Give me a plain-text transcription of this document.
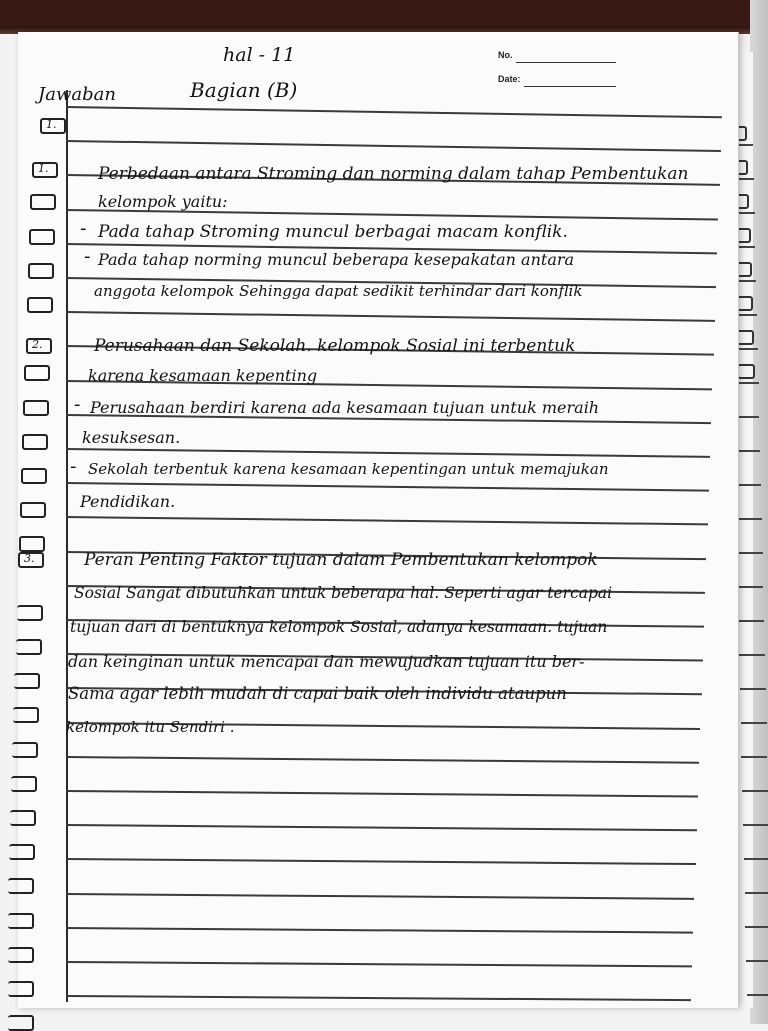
hal - 11	No.
Date:
Jawaban	Bagian (B)
1.
1.
2.
3.
Perbedaan antara Stroming dan norming dalam tahap Pembentukan
kelompok yaitu:
- Pada tahap Stroming muncul berbagai macam konflik.
- Pada tahap norming muncul beberapa kesepakatan antara
anggota kelompok Sehingga dapat sedikit terhindar dari konflik
Perusahaan dan Sekolah. kelompok Sosial ini terbentuk
karena kesamaan kepenting
- Perusahaan berdiri karena ada kesamaan tujuan untuk meraih
kesuksesan.
- Sekolah terbentuk karena kesamaan kepentingan untuk memajukan
Pendidikan.
Peran Penting Faktor tujuan dalam Pembentukan kelompok
Sosial Sangat dibutuhkan untuk beberapa hal. Seperti agar tercapai
tujuan dari di bentuknya kelompok Sosial, adanya kesamaan. tujuan
dan keinginan untuk mencapai dan mewujudkan tujuan itu ber-
Sama agar lebih mudah di capai baik oleh individu ataupun
kelompok itu Sendiri .
